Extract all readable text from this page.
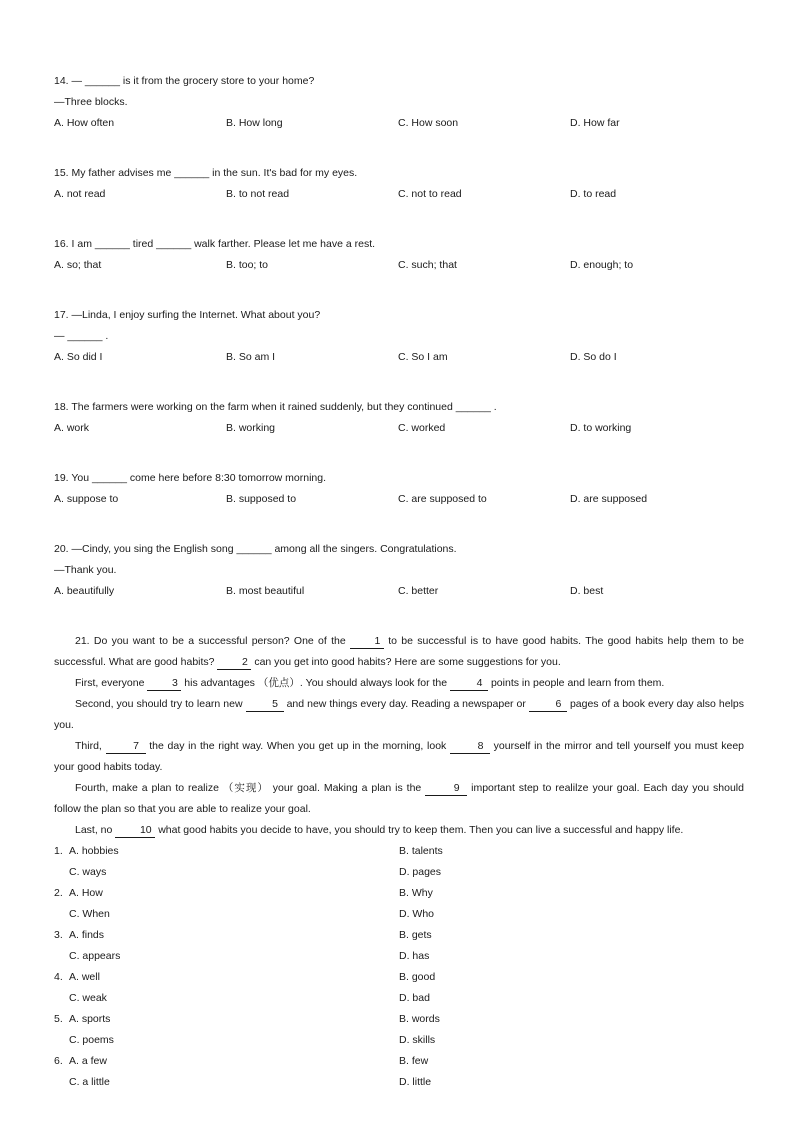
14. — ______ is it from the grocery store to your home?
—Three blocks.
A. How often	B. How long	C. How soon	D. How far
15. My father advises me ______ in the sun. It's bad for my eyes.
A. not read	B. to not read	C. not to read	D. to read
16. I am ______ tired ______ walk farther. Please let me have a rest.
A. so; that	B. too; to	C. such; that	D. enough; to
17. —Linda, I enjoy surfing the Internet. What about you?
— ______ .
A. So did I	B. So am I	C. So I am	D. So do I
18. The farmers were working on the farm when it rained suddenly, but they continued ______ .
A. work	B. working	C. worked	D. to working
19. You ______ come here before 8:30 tomorrow morning.
A. suppose to	B. supposed to	C. are supposed to	D. are supposed
20. —Cindy, you sing the English song ______ among all the singers. Congratulations.
—Thank you.
A. beautifully	B. most beautiful	C. better	D. best
21. Do you want to be a successful person? One of the 1 to be successful is to have good habits. The good habits help them to be successful. What are good habits? 2 can you get into good habits? Here are some suggestions for you.
First, everyone 3 his advantages （优点）. You should always look for the	4 points in people and learn from them.
Second, you should try to learn new	5 and new things every day. Reading a newspaper or	6 pages of a book every day also helps you.
Third,	7 the day in the right way. When you get up in the morning, look	8 yourself in the mirror and tell yourself you must keep your good habits today.
Fourth, make a plan to realize （实现） your goal. Making a plan is the	9 important step to realilze your goal. Each day you should follow the plan so that you are able to realize your goal.
Last, no 10 what good habits you decide to have, you should try to keep them. Then you can live a successful and happy life.
1. A. hobbies	B. talents
C. ways	D. pages
2. A. How	B. Why
C. When	D. Who
3. A. finds	B. gets
C. appears	D. has
4. A. well	B. good
C. weak	D. bad
5. A. sports	B. words
C. poems	D. skills
6. A. a few	B. few
C. a little	D. little
